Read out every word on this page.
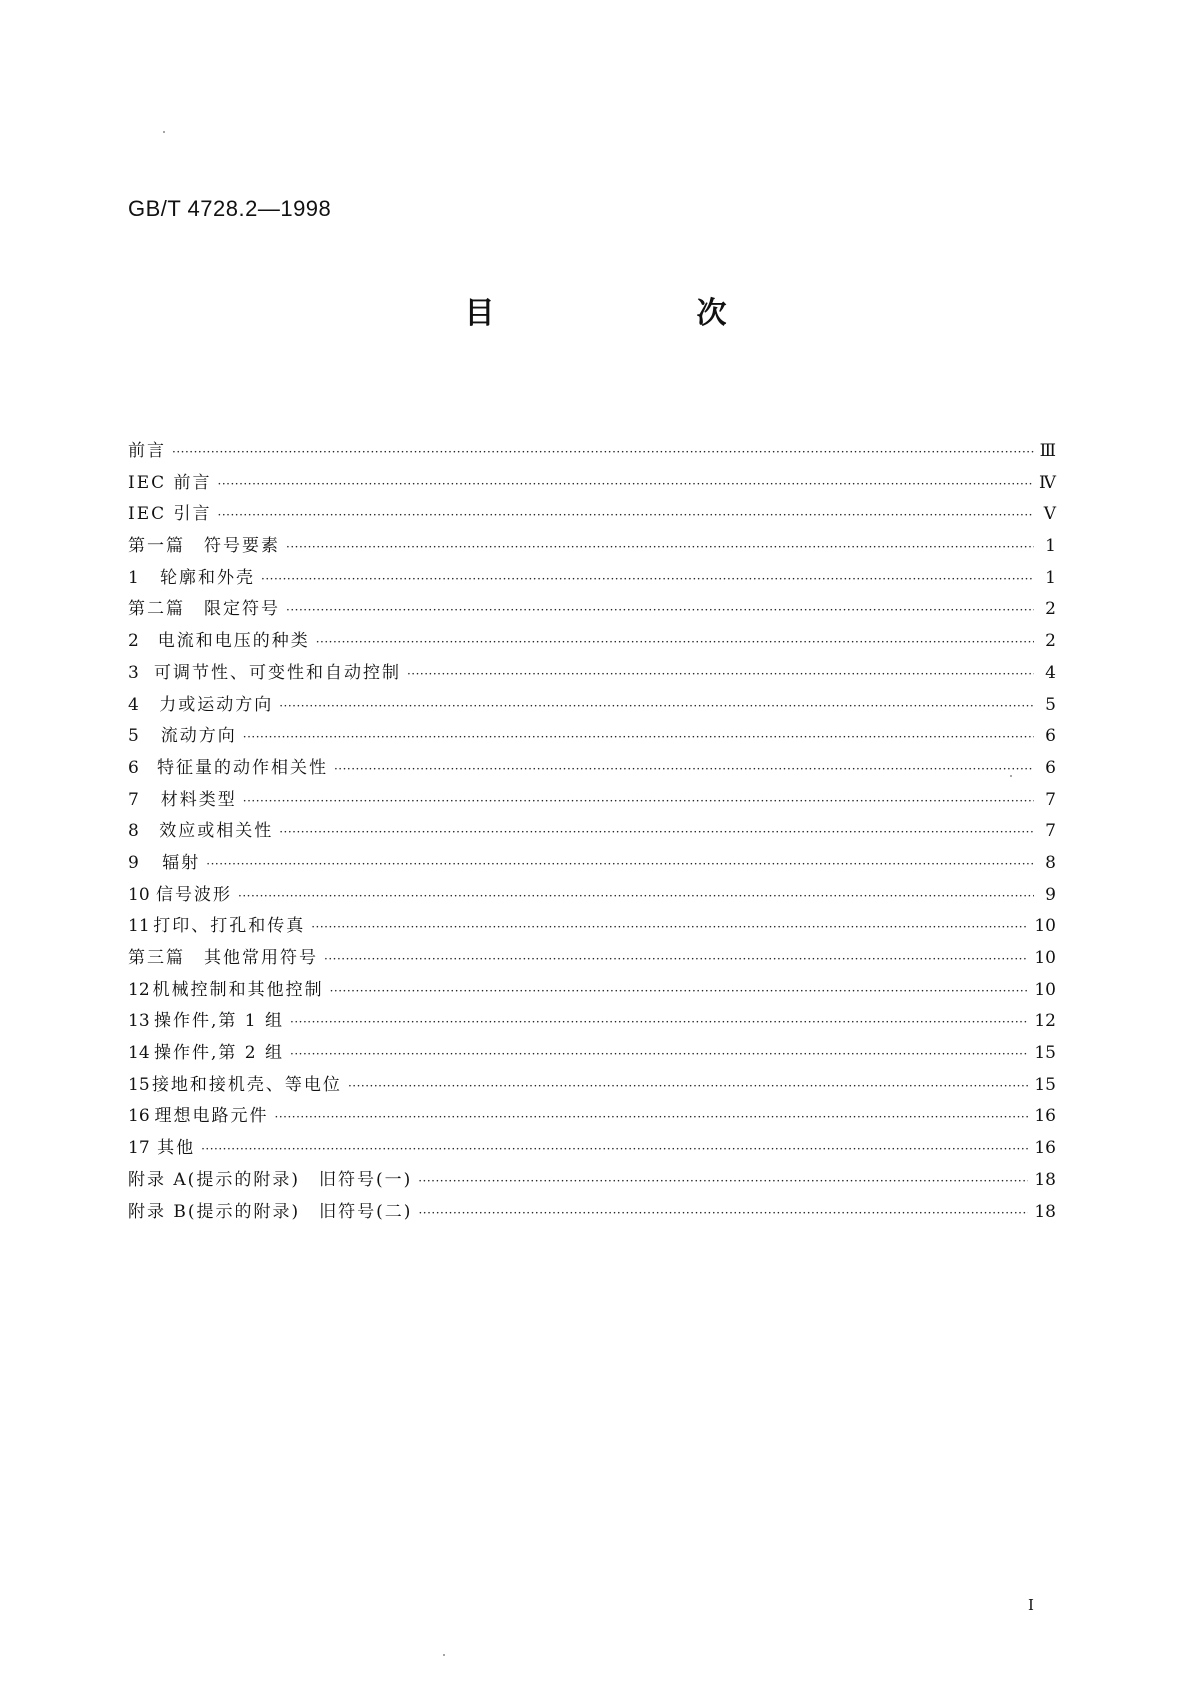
GB/T 4728.2—1998
目　次
前言 ·····	Ⅲ
IEC 前言 ·····	Ⅳ
IEC 引言 ·····	Ⅴ
第一篇　符号要素 ·····	1
1	轮廓和外壳 ·····	1
第二篇　限定符号 ·····	2
2	电流和电压的种类 ·····	2
3 可调节性、可变性和自动控制 ·····	4
4	力或运动方向 ·····	5
5	流动方向 ·····	6
6	特征量的动作相关性 ·····	6
7	材料类型 ·····	7
8	效应或相关性 ·····	7
9	辐射 ·····	8
10 信号波形 ·····	9
11 打印、打孔和传真 ·····	10
第三篇　其他常用符号 ·····	10
12 机械控制和其他控制 ·····	10
13 操作件,第 1 组 ·····	12
14 操作件,第 2 组 ·····	15
15 接地和接机壳、等电位 ·····	15
16 理想电路元件 ·····	16
17 其他 ·····	16
附录 A(提示的附录)　旧符号(一) ·····	18
附录 B(提示的附录)　旧符号(二) ·····	18
I
